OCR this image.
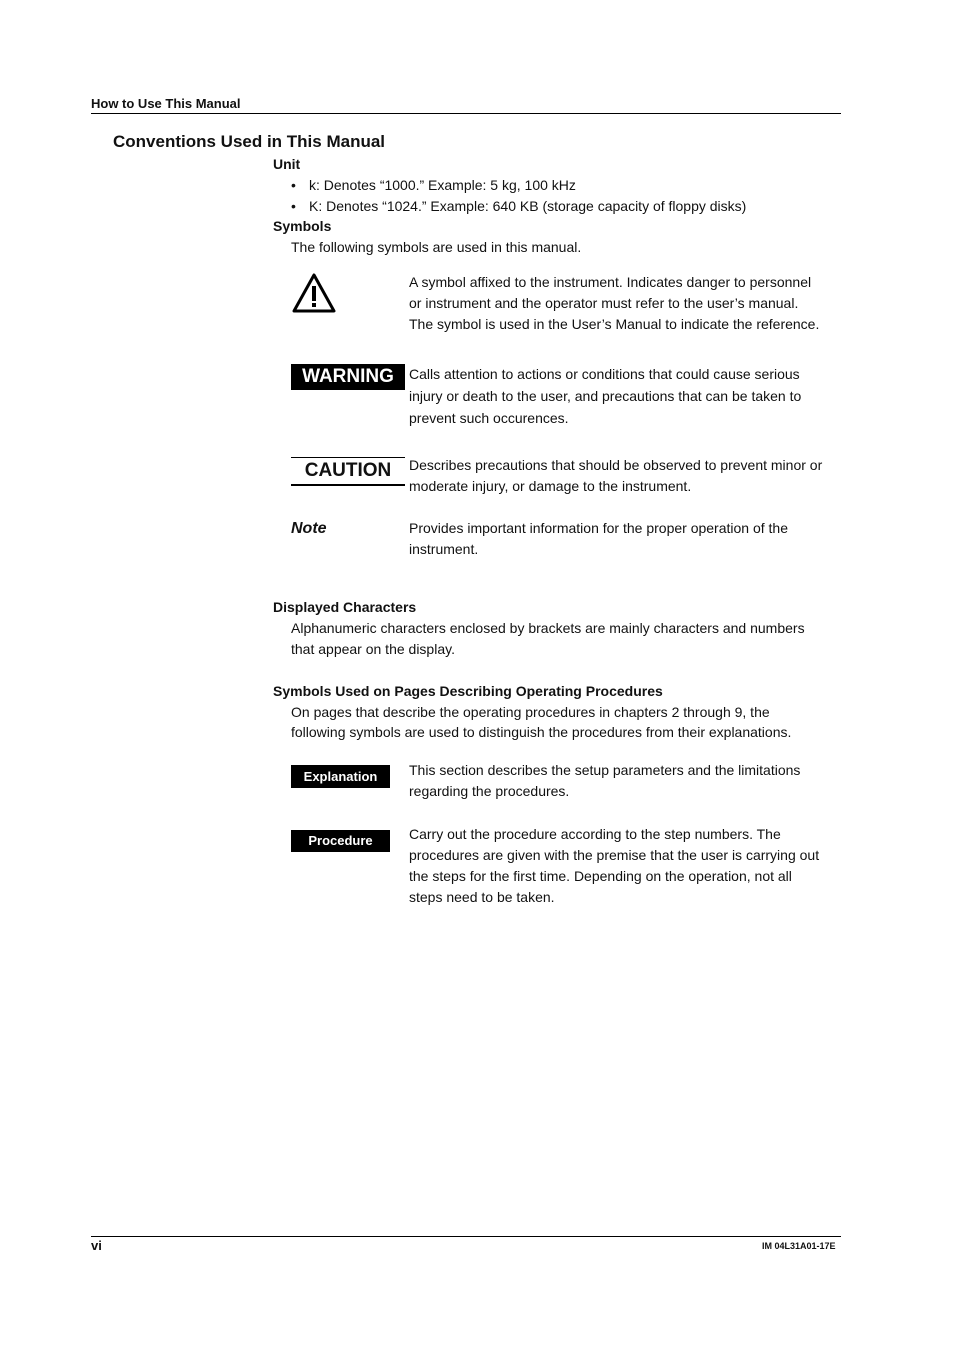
How to Use This Manual
Conventions Used in This Manual
Unit
• k: Denotes “1000.” Example: 5 kg, 100 kHz
• K: Denotes “1024.” Example: 640 KB (storage capacity of floppy disks)
Symbols
The following symbols are used in this manual.
A symbol affixed to the instrument. Indicates danger to personnel
or instrument and the operator must refer to the user’s manual.
The symbol is used in the User’s Manual to indicate the reference.
WARNING	Calls attention to actions or conditions that could cause serious
injury or death to the user, and precautions that can be taken to
prevent such occurences.
CAUTION	Describes precautions that should be observed to prevent minor or
moderate injury, or damage to the instrument.
Note	Provides important information for the proper operation of the
instrument.
Displayed Characters
Alphanumeric characters enclosed by brackets are mainly characters and numbers
that appear on the display.
Symbols Used on Pages Describing Operating Procedures
On pages that describe the operating procedures in chapters 2 through 9, the
following symbols are used to distinguish the procedures from their explanations.
Explanation	This section describes the setup parameters and the limitations
regarding the procedures.
Procedure	Carry out the procedure according to the step numbers. The
procedures are given with the premise that the user is carrying out
the steps for the first time. Depending on the operation, not all
steps need to be taken.
vi	IM 04L31A01-17E
